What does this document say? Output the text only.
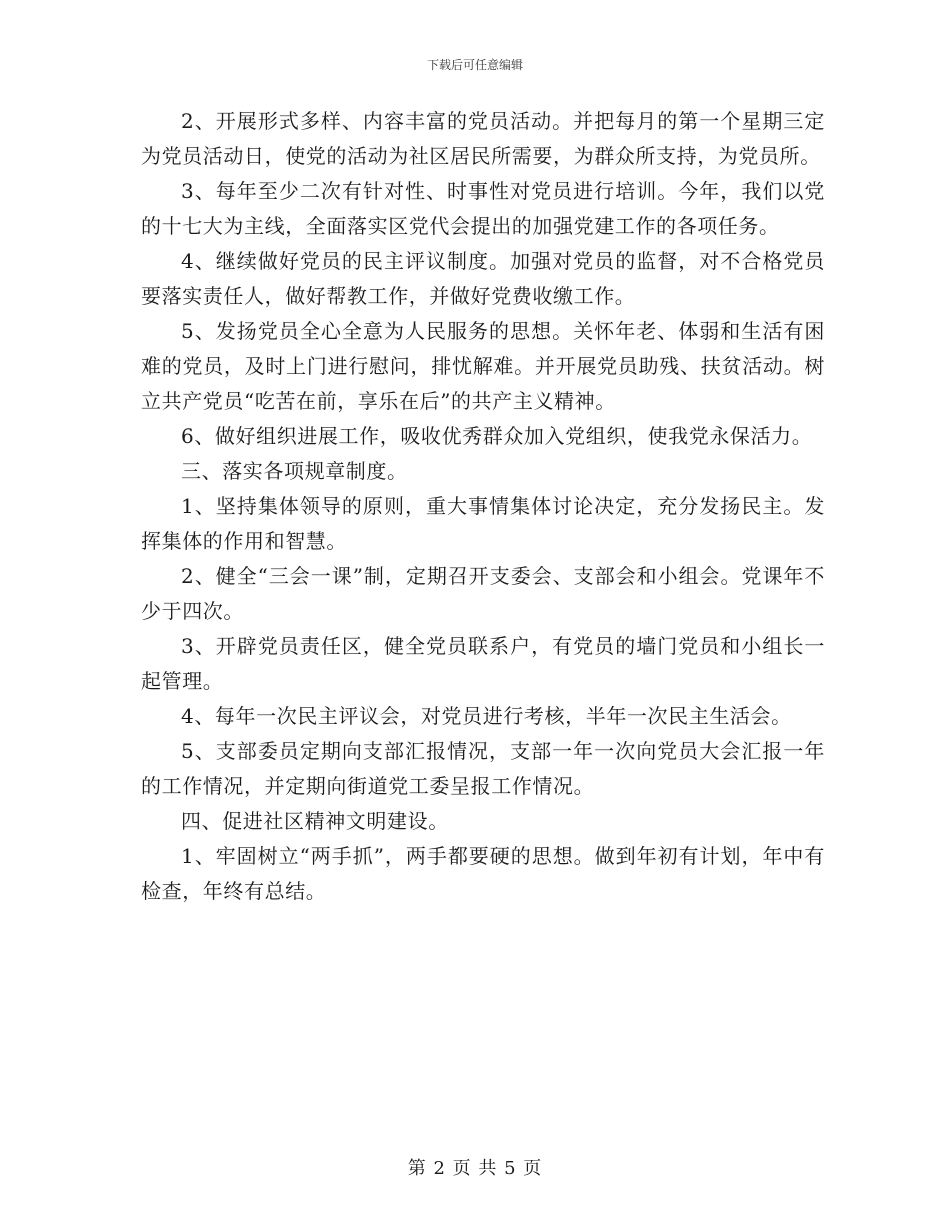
下载后可任意编辑

2、开展形式多样、内容丰富的党员活动。并把每月的第一个星期三定为党员活动日，使党的活动为社区居民所需要，为群众所支持，为党员所。

3、每年至少二次有针对性、时事性对党员进行培训。今年，我们以党的十七大为主线，全面落实区党代会提出的加强党建工作的各项任务。

4、继续做好党员的民主评议制度。加强对党员的监督，对不合格党员要落实责任人，做好帮教工作，并做好党费收缴工作。

5、发扬党员全心全意为人民服务的思想。关怀年老、体弱和生活有困难的党员，及时上门进行慰问，排忧解难。并开展党员助残、扶贫活动。树立共产党员“吃苦在前，享乐在后”的共产主义精神。

6、做好组织进展工作，吸收优秀群众加入党组织，使我党永保活力。

三、落实各项规章制度。

1、坚持集体领导的原则，重大事情集体讨论决定，充分发扬民主。发挥集体的作用和智慧。

2、健全“三会一课”制，定期召开支委会、支部会和小组会。党课年不少于四次。

3、开辟党员责任区，健全党员联系户，有党员的墙门党员和小组长一起管理。

4、每年一次民主评议会，对党员进行考核，半年一次民主生活会。

5、支部委员定期向支部汇报情况，支部一年一次向党员大会汇报一年的工作情况，并定期向街道党工委呈报工作情况。

四、促进社区精神文明建设。

1、牢固树立“两手抓”，两手都要硬的思想。做到年初有计划，年中有检查，年终有总结。

第 2 页 共 5 页
